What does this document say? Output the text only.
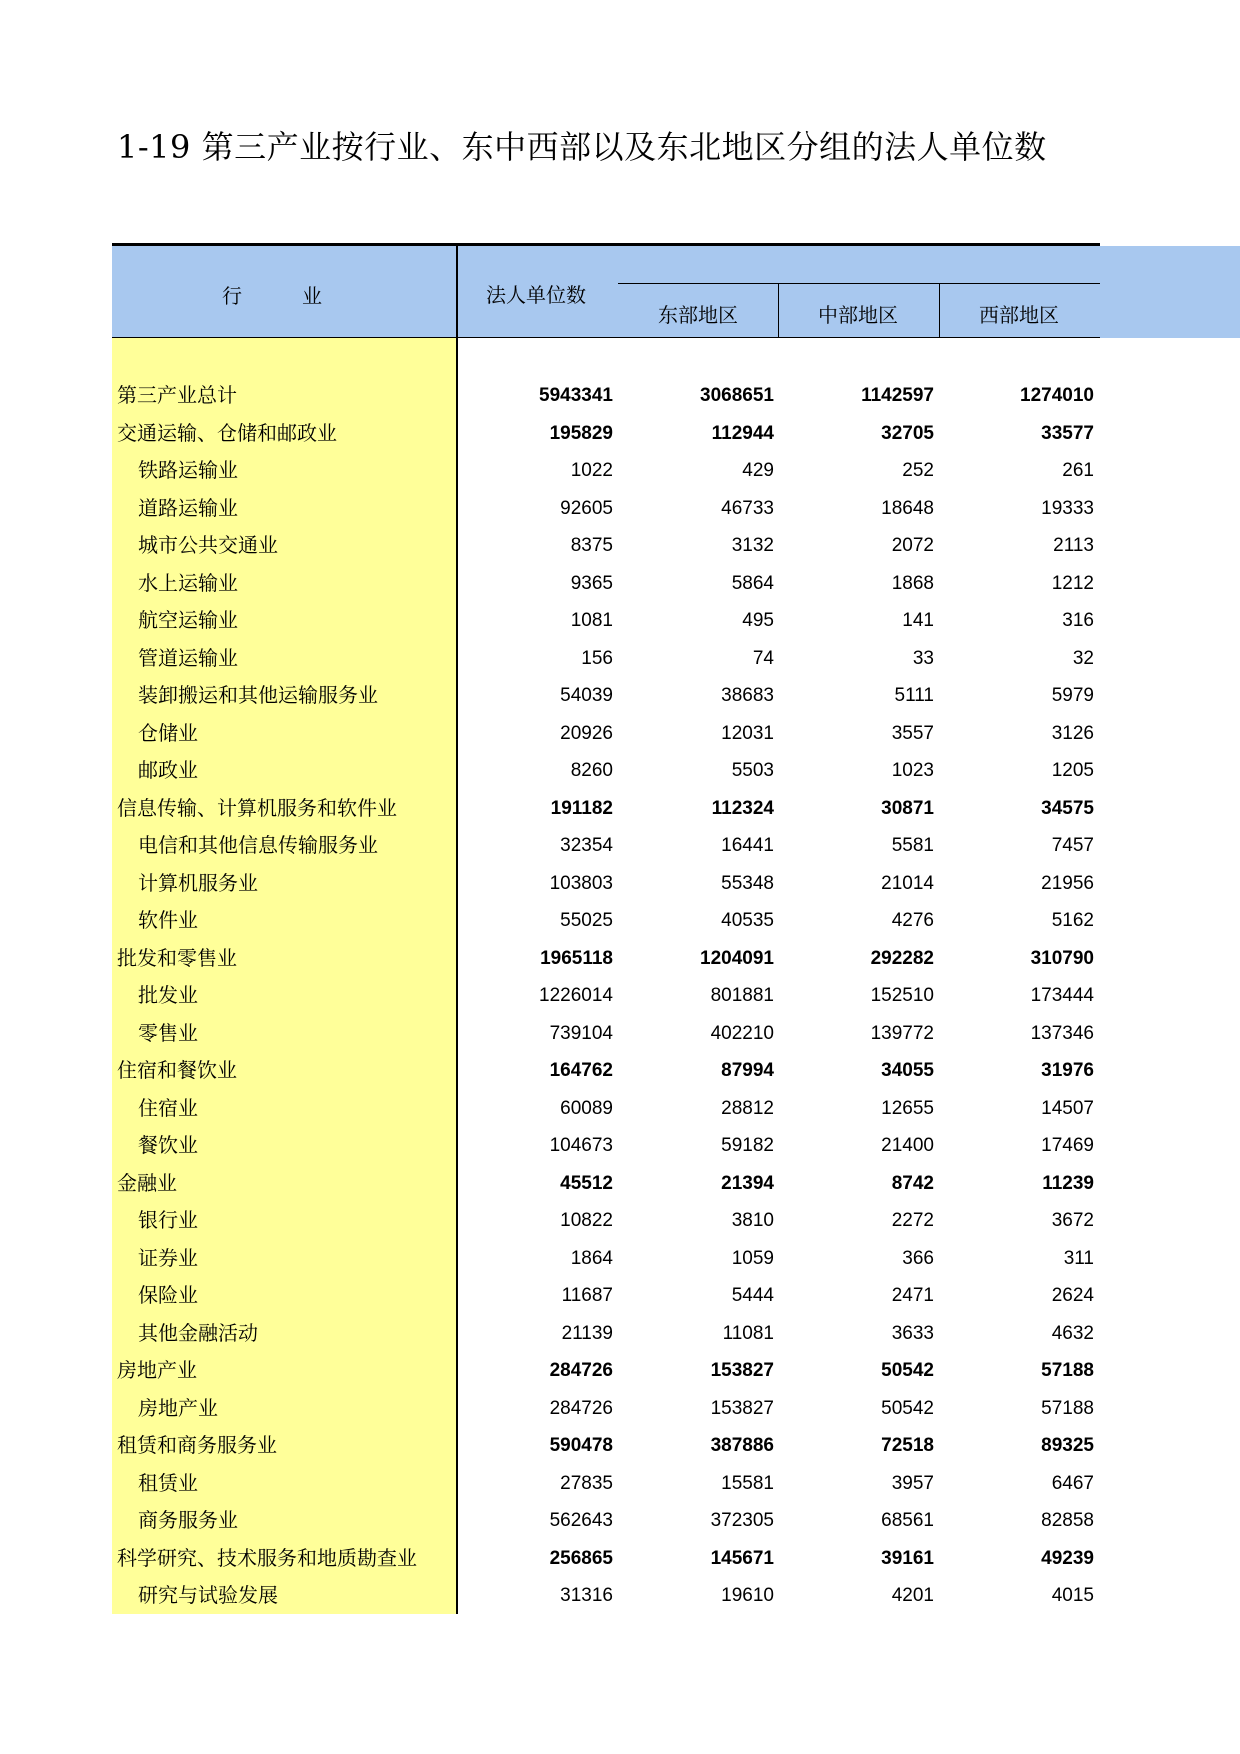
1-19 第三产业按行业、东中西部以及东北地区分组的法人单位数
行　　　业	法人单位数
东部地区	中部地区	西部地区
第三产业总计	5943341	3068651	1142597	1274010
交通运输、仓储和邮政业	195829	112944	32705	33577
铁路运输业	1022	429	252	261
道路运输业	92605	46733	18648	19333
城市公共交通业	8375	3132	2072	2113
水上运输业	9365	5864	1868	1212
航空运输业	1081	495	141	316
管道运输业	156	74	33	32
装卸搬运和其他运输服务业	54039	38683	5111	5979
仓储业	20926	12031	3557	3126
邮政业	8260	5503	1023	1205
信息传输、计算机服务和软件业	191182	112324	30871	34575
电信和其他信息传输服务业	32354	16441	5581	7457
计算机服务业	103803	55348	21014	21956
软件业	55025	40535	4276	5162
批发和零售业	1965118	1204091	292282	310790
批发业	1226014	801881	152510	173444
零售业	739104	402210	139772	137346
住宿和餐饮业	164762	87994	34055	31976
住宿业	60089	28812	12655	14507
餐饮业	104673	59182	21400	17469
金融业	45512	21394	8742	11239
银行业	10822	3810	2272	3672
证券业	1864	1059	366	311
保险业	11687	5444	2471	2624
其他金融活动	21139	11081	3633	4632
房地产业	284726	153827	50542	57188
房地产业	284726	153827	50542	57188
租赁和商务服务业	590478	387886	72518	89325
租赁业	27835	15581	3957	6467
商务服务业	562643	372305	68561	82858
科学研究、技术服务和地质勘查业	256865	145671	39161	49239
研究与试验发展	31316	19610	4201	4015
